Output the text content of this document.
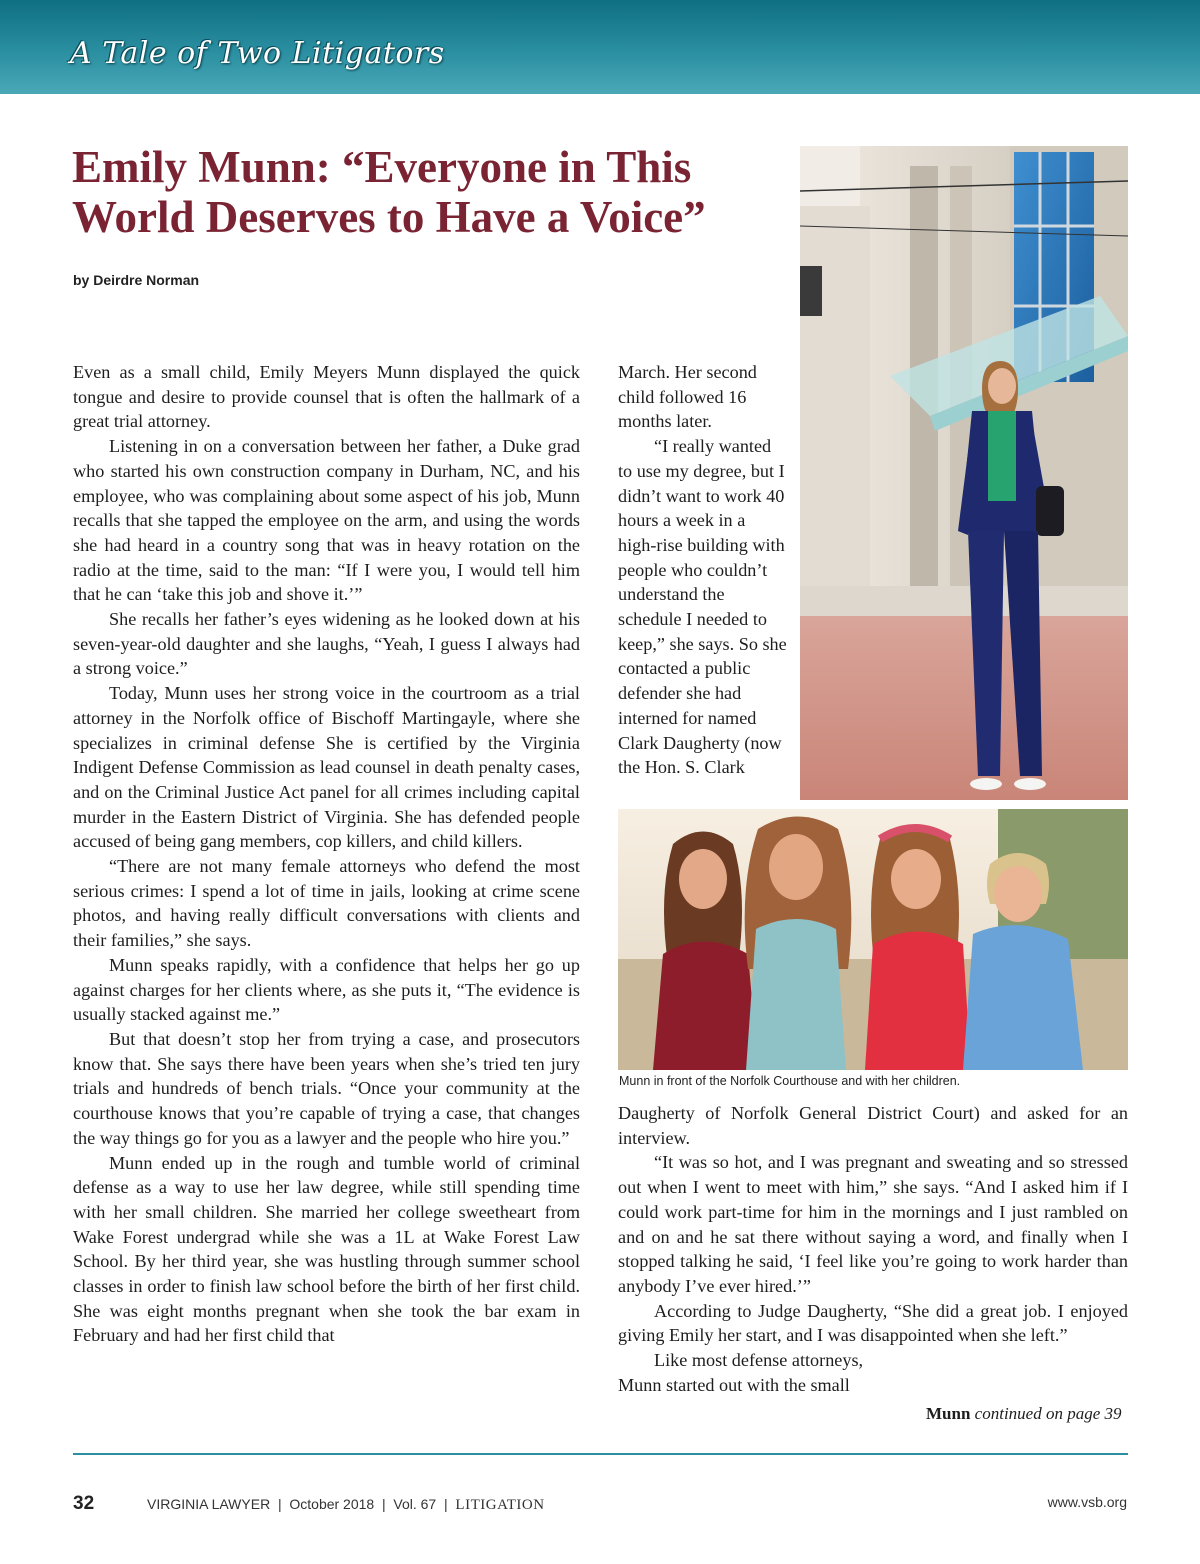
A Tale of Two Litigators
Emily Munn: “Everyone in This
World Deserves to Have a Voice”
by Deirdre Norman

Even as a small child, Emily Meyers Munn displayed the quick tongue and desire to provide counsel that is often the hallmark of a great trial attorney.

Listening in on a conversation between her father, a Duke grad who started his own construction company in Durham, NC, and his employee, who was complaining about some aspect of his job, Munn recalls that she tapped the employee on the arm, and using the words she had heard in a country song that was in heavy rotation on the radio at the time, said to the man: “If I were you, I would tell him that he can ‘take this job and shove it.’”

She recalls her father’s eyes widening as he looked down at his seven-year-old daughter and she laughs, “Yeah, I guess I always had a strong voice.”

Today, Munn uses her strong voice in the courtroom as a trial attorney in the Norfolk office of Bischoff Martingayle, where she specializes in criminal defense She is certified by the Virginia Indigent Defense Commission as lead counsel in death penalty cases, and on the Criminal Justice Act panel for all crimes including capital murder in the Eastern District of Virginia. She has defended people accused of being gang members, cop killers, and child killers.

“There are not many female attorneys who defend the most serious crimes: I spend a lot of time in jails, looking at crime scene photos, and having really difficult conversations with clients and their families,” she says.

Munn speaks rapidly, with a confidence that helps her go up against charges for her clients where, as she puts it, “The evidence is usually stacked against me.”

But that doesn’t stop her from trying a case, and prosecutors know that. She says there have been years when she’s tried ten jury trials and hundreds of bench trials. “Once your community at the courthouse knows that you’re capable of trying a case, that changes the way things go for you as a lawyer and the people who hire you.”

Munn ended up in the rough and tumble world of criminal defense as a way to use her law degree, while still spending time with her small children. She married her college sweetheart from Wake Forest undergrad while she was a 1L at Wake Forest Law School. By her third year, she was hustling through summer school classes in order to finish law school before the birth of her first child. She was eight months pregnant when she took the bar exam in February and had her first child that

March. Her second child followed 16 months later.

“I really wanted to use my degree, but I didn’t want to work 40 hours a week in a high-rise building with people who couldn’t understand the schedule I needed to keep,” she says. So she contacted a public defender she had interned for named Clark Daugherty (now the Hon. S. Clark

Munn in front of the Norfolk Courthouse and with her children.

Daugherty of Norfolk General District Court) and asked for an interview.

“It was so hot, and I was pregnant and sweating and so stressed out when I went to meet with him,” she says. “And I asked him if I could work part-time for him in the mornings and I just rambled on and on and he sat there without saying a word, and finally when I stopped talking he said, ‘I feel like you’re going to work harder than anybody I’ve ever hired.’”

According to Judge Daugherty, “She did a great job. I enjoyed giving Emily her start, and I was disappointed when she left.”

Like most defense attorneys, Munn started out with the small

Munn continued on page 39
32	VIRGINIA LAWYER  |  October 2018  |  Vol. 67  |  LITIGATION	www.vsb.org
